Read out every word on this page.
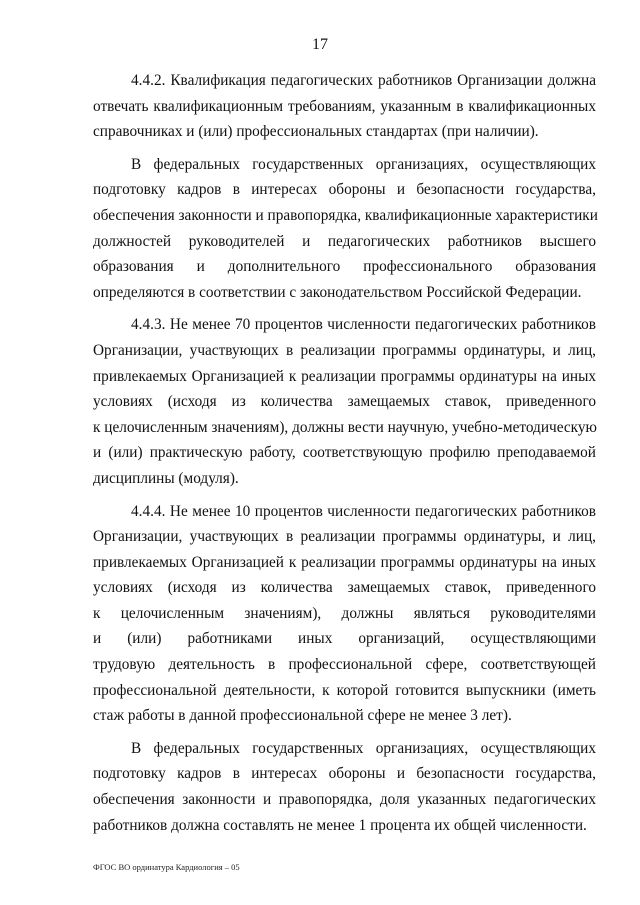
17

4.4.2. Квалификация педагогических работников Организации должна
отвечать квалификационным требованиям, указанным в квалификационных
справочниках и (или) профессиональных стандартах (при наличии).

В федеральных государственных организациях, осуществляющих
подготовку кадров в интересах обороны и безопасности государства,
обеспечения законности и правопорядка, квалификационные характеристики
должностей руководителей и педагогических работников высшего
образования и дополнительного профессионального образования
определяются в соответствии с законодательством Российской Федерации.

4.4.3. Не менее 70 процентов численности педагогических работников
Организации, участвующих в реализации программы ординатуры, и лиц,
привлекаемых Организацией к реализации программы ординатуры на иных
условиях (исходя из количества замещаемых ставок, приведенного
к целочисленным значениям), должны вести научную, учебно-методическую
и (или) практическую работу, соответствующую профилю преподаваемой
дисциплины (модуля).

4.4.4. Не менее 10 процентов численности педагогических работников
Организации, участвующих в реализации программы ординатуры, и лиц,
привлекаемых Организацией к реализации программы ординатуры на иных
условиях (исходя из количества замещаемых ставок, приведенного
к целочисленным значениям), должны являться руководителями
и (или) работниками иных организаций, осуществляющими
трудовую деятельность в профессиональной сфере, соответствующей
профессиональной деятельности, к которой готовится выпускники (иметь
стаж работы в данной профессиональной сфере не менее 3 лет).

В федеральных государственных организациях, осуществляющих
подготовку кадров в интересах обороны и безопасности государства,
обеспечения законности и правопорядка, доля указанных педагогических
работников должна составлять не менее 1 процента их общей численности.

ФГОС ВО ординатура Кардиология – 05
